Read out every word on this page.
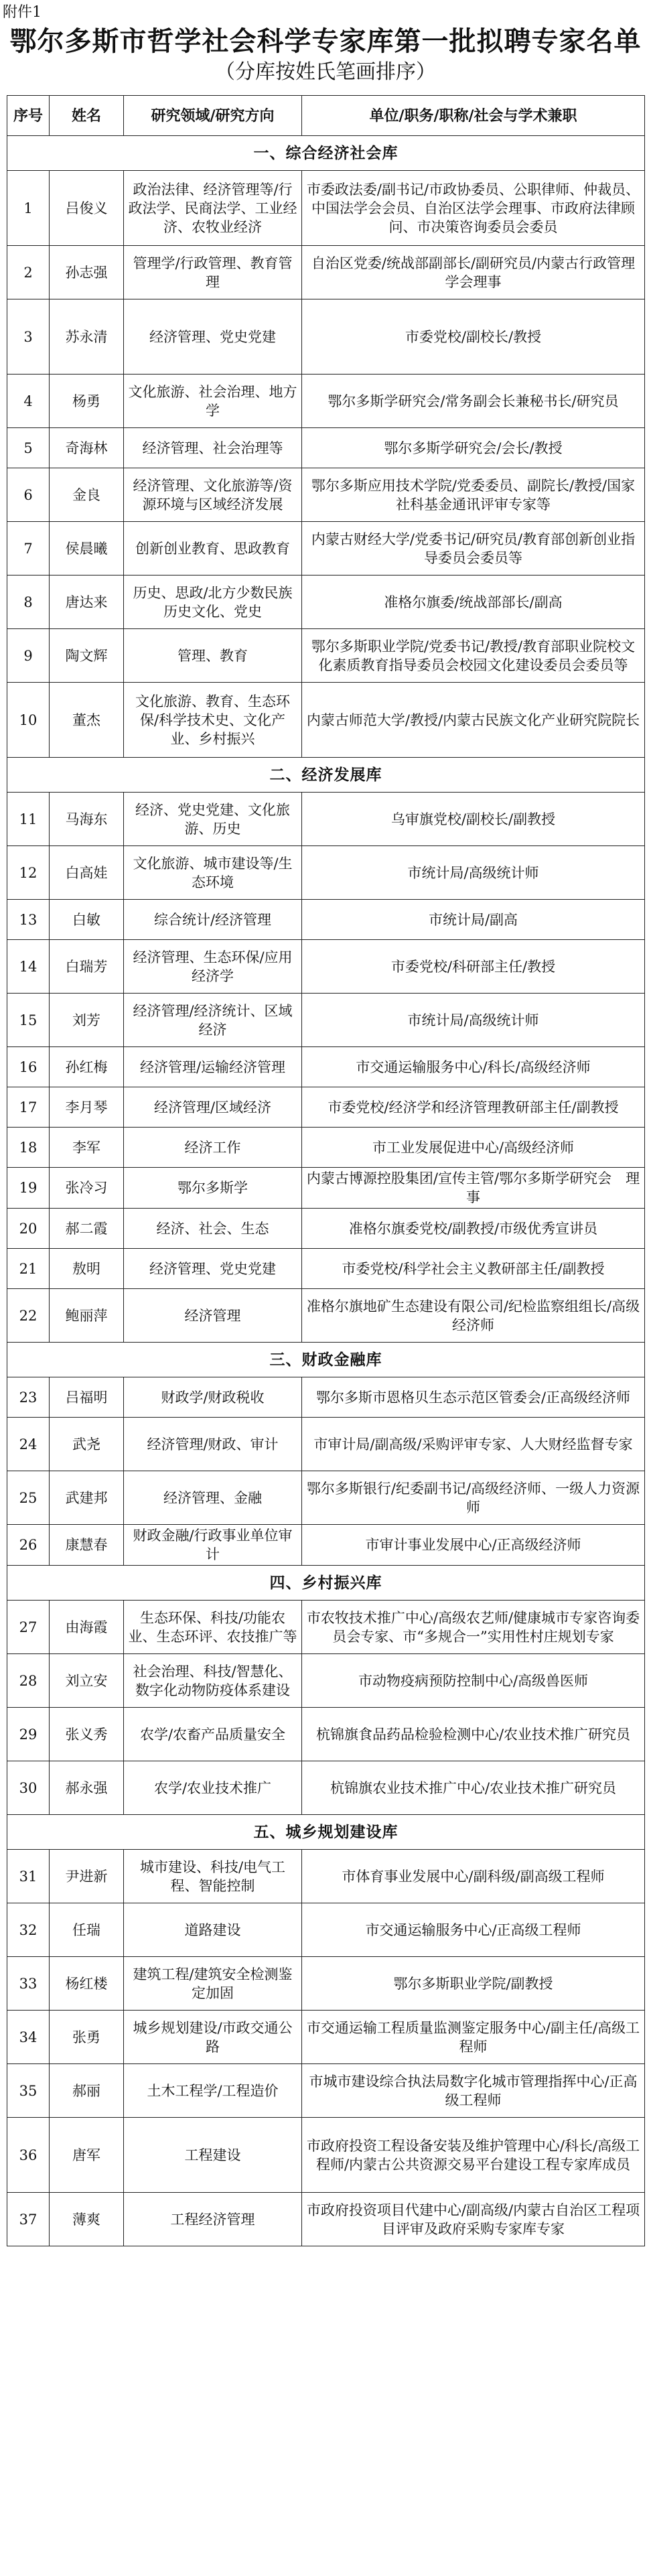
附件1
鄂尔多斯市哲学社会科学专家库第一批拟聘专家名单
（分库按姓氏笔画排序）
序号	姓名	研究领域/研究方向	单位/职务/职称/社会与学术兼职
一、综合经济社会库			
1	吕俊义	政治法律、经济管理等/行政法学、民商法学、工业经济、农牧业经济	市委政法委/副书记/市政协委员、公职律师、仲裁员、中国法学会会员、自治区法学会理事、市政府法律顾问、市决策咨询委员会委员
2	孙志强	管理学/行政管理、教育管理	自治区党委/统战部副部长/副研究员/内蒙古行政管理学会理事
3	苏永清	经济管理、党史党建	市委党校/副校长/教授
4	杨勇	文化旅游、社会治理、地方学	鄂尔多斯学研究会/常务副会长兼秘书长/研究员
5	奇海林	经济管理、社会治理等	鄂尔多斯学研究会/会长/教授
6	金良	经济管理、文化旅游等/资源环境与区域经济发展	鄂尔多斯应用技术学院/党委委员、副院长/教授/国家社科基金通讯评审专家等
7	侯晨曦	创新创业教育、思政教育	内蒙古财经大学/党委书记/研究员/教育部创新创业指导委员会委员等
8	唐达来	历史、思政/北方少数民族历史文化、党史	准格尔旗委/统战部部长/副高
9	陶文辉	管理、教育	鄂尔多斯职业学院/党委书记/教授/教育部职业院校文化素质教育指导委员会校园文化建设委员会委员等
10	董杰	文化旅游、教育、生态环保/科学技术史、文化产业、乡村振兴	内蒙古师范大学/教授/内蒙古民族文化产业研究院院长
二、经济发展库			
11	马海东	经济、党史党建、文化旅游、历史	乌审旗党校/副校长/副教授
12	白高娃	文化旅游、城市建设等/生态环境	市统计局/高级统计师
13	白敏	综合统计/经济管理	市统计局/副高
14	白瑞芳	经济管理、生态环保/应用经济学	市委党校/科研部主任/教授
15	刘芳	经济管理/经济统计、区域经济	市统计局/高级统计师
16	孙红梅	经济管理/运输经济管理	市交通运输服务中心/科长/高级经济师
17	李月琴	经济管理/区域经济	市委党校/经济学和经济管理教研部主任/副教授
18	李军	经济工作	市工业发展促进中心/高级经济师
19	张冷习	鄂尔多斯学	内蒙古博源控股集团/宣传主管/鄂尔多斯学研究会　理事
20	郝二霞	经济、社会、生态	准格尔旗委党校/副教授/市级优秀宣讲员
21	敖明	经济管理、党史党建	市委党校/科学社会主义教研部主任/副教授
22	鲍丽萍	经济管理	准格尔旗地矿生态建设有限公司/纪检监察组组长/高级经济师
三、财政金融库			
23	吕福明	财政学/财政税收	鄂尔多斯市恩格贝生态示范区管委会/正高级经济师
24	武尧	经济管理/财政、审计	市审计局/副高级/采购评审专家、人大财经监督专家
25	武建邦	经济管理、金融	鄂尔多斯银行/纪委副书记/高级经济师、一级人力资源师
26	康慧春	财政金融/行政事业单位审计	市审计事业发展中心/正高级经济师
四、乡村振兴库			
27	由海霞	生态环保、科技/功能农业、生态环评、农技推广等	市农牧技术推广中心/高级农艺师/健康城市专家咨询委员会专家、市“多规合一”实用性村庄规划专家
28	刘立安	社会治理、科技/智慧化、数字化动物防疫体系建设	市动物疫病预防控制中心/高级兽医师
29	张义秀	农学/农畜产品质量安全	杭锦旗食品药品检验检测中心/农业技术推广研究员
30	郝永强	农学/农业技术推广	杭锦旗农业技术推广中心/农业技术推广研究员
五、城乡规划建设库			
31	尹进新	城市建设、科技/电气工程、智能控制	市体育事业发展中心/副科级/副高级工程师
32	任瑞	道路建设	市交通运输服务中心/正高级工程师
33	杨红楼	建筑工程/建筑安全检测鉴定加固	鄂尔多斯职业学院/副教授
34	张勇	城乡规划建设/市政交通公路	市交通运输工程质量监测鉴定服务中心/副主任/高级工程师
35	郝丽	土木工程学/工程造价	市城市建设综合执法局数字化城市管理指挥中心/正高级工程师
36	唐军	工程建设	市政府投资工程设备安装及维护管理中心/科长/高级工程师/内蒙古公共资源交易平台建设工程专家库成员
37	薄爽	工程经济管理	市政府投资项目代建中心/副高级/内蒙古自治区工程项目评审及政府采购专家库专家
